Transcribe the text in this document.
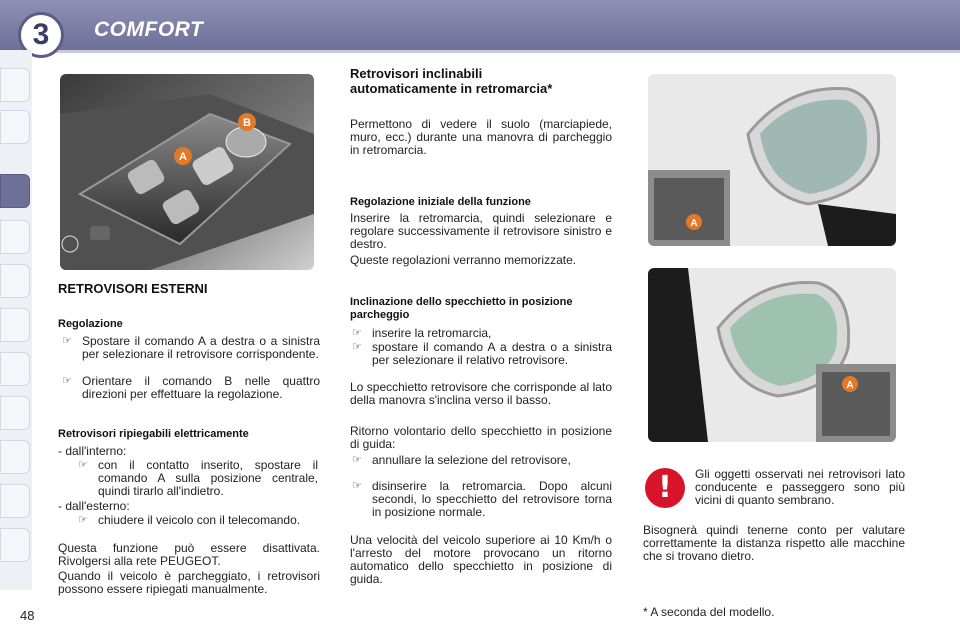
3	COMFORT
A
B
A
A
RETROVISORI ESTERNI
Regolazione
☞ Spostare il comando A a destra o a sinistra per selezionare il retrovisore corrispondente.
☞ Orientare il comando B nelle quattro direzioni per effettuare la regolazione.
Retrovisori ripiegabili elettricamente
- dall'interno:
☞ con il contatto inserito, spostare il comando A sulla posizione centrale, quindi tirarlo all'indietro.
- dall'esterno:
☞ chiudere il veicolo con il telecomando.
Questa funzione può essere disattivata. Rivolgersi alla rete PEUGEOT.
Quando il veicolo è parcheggiato, i retrovisori possono essere ripiegati manualmente.
Retrovisori inclinabili automaticamente in retromarcia*
Permettono di vedere il suolo (marciapiede, muro, ecc.) durante una manovra di parcheggio in retromarcia.
Regolazione iniziale della funzione
Inserire la retromarcia, quindi selezionare e regolare successivamente il retrovisore sinistro e destro.
Queste regolazioni verranno memorizzate.
Inclinazione dello specchietto in posizione parcheggio
☞ inserire la retromarcia,
☞ spostare il comando A a destra o a sinistra per selezionare il relativo retrovisore.
Lo specchietto retrovisore che corrisponde al lato della manovra s'inclina verso il basso.
Ritorno volontario dello specchietto in posizione di guida:
☞ annullare la selezione del retrovisore,
☞ disinserire la retromarcia. Dopo alcuni secondi, lo specchietto del retrovisore torna in posizione normale.
Una velocità del veicolo superiore ai 10 Km/h o l'arresto del motore provocano un ritorno automatico dello specchietto in posizione di guida.
!	Gli oggetti osservati nei retrovisori lato conducente e passeggero sono più vicini di quanto sembrano.
Bisognerà quindi tenerne conto per valutare correttamente la distanza rispetto alle macchine che si trovano dietro.
* A seconda del modello.
48
